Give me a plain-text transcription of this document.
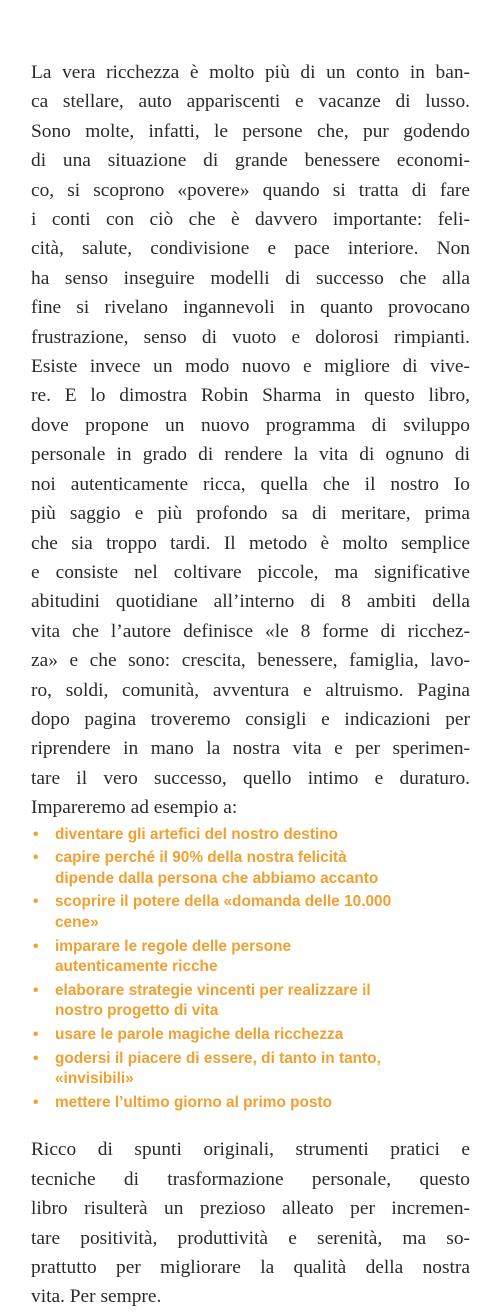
La vera ricchezza è molto più di un conto in ban-
ca stellare, auto appariscenti e vacanze di lusso.
Sono molte, infatti, le persone che, pur godendo
di una situazione di grande benessere economi-
co, si scoprono «povere» quando si tratta di fare
i conti con ciò che è davvero importante: feli-
cità, salute, condivisione e pace interiore. Non
ha senso inseguire modelli di successo che alla
fine si rivelano ingannevoli in quanto provocano
frustrazione, senso di vuoto e dolorosi rimpianti.
Esiste invece un modo nuovo e migliore di vive-
re. E lo dimostra Robin Sharma in questo libro,
dove propone un nuovo programma di sviluppo
personale in grado di rendere la vita di ognuno di
noi autenticamente ricca, quella che il nostro Io
più saggio e più profondo sa di meritare, prima
che sia troppo tardi. Il metodo è molto semplice
e consiste nel coltivare piccole, ma significative
abitudini quotidiane all’interno di 8 ambiti della
vita che l’autore definisce «le 8 forme di ricchez-
za» e che sono: crescita, benessere, famiglia, lavo-
ro, soldi, comunità, avventura e altruismo. Pagina
dopo pagina troveremo consigli e indicazioni per
riprendere in mano la nostra vita e per sperimen-
tare il vero successo, quello intimo e duraturo.
Impareremo ad esempio a:
• diventare gli artefici del nostro destino
• capire perché il 90% della nostra felicità
dipende dalla persona che abbiamo accanto
• scoprire il potere della «domanda delle 10.000
cene»
• imparare le regole delle persone
autenticamente ricche
• elaborare strategie vincenti per realizzare il
nostro progetto di vita
• usare le parole magiche della ricchezza
• godersi il piacere di essere, di tanto in tanto,
«invisibili»
• mettere l’ultimo giorno al primo posto
Ricco di spunti originali, strumenti pratici e
tecniche di trasformazione personale, questo
libro risulterà un prezioso alleato per incremen-
tare positività, produttività e serenità, ma so-
prattutto per migliorare la qualità della nostra
vita. Per sempre.
